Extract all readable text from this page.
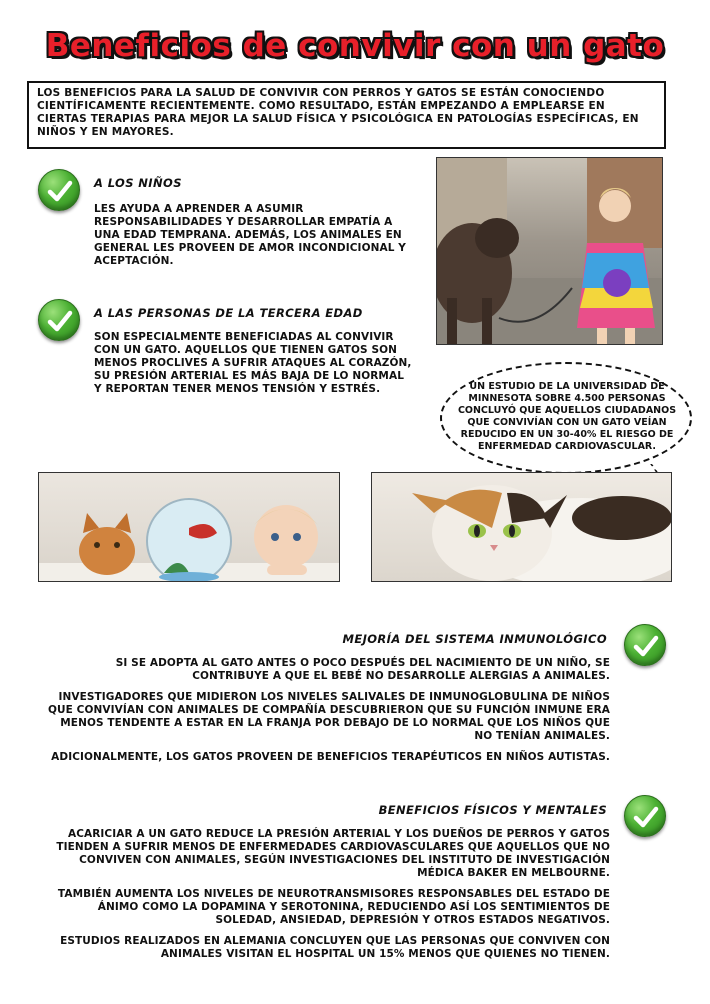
Beneficios de convivir con un gato
LOS BENEFICIOS PARA LA SALUD DE CONVIVIR CON PERROS Y GATOS SE ESTÁN CONOCIENDO CIENTÍFICAMENTE RECIENTEMENTE. COMO RESULTADO, ESTÁN EMPEZANDO A EMPLEARSE EN CIERTAS TERAPIAS PARA MEJOR LA SALUD FÍSICA Y PSICOLÓGICA EN PATOLOGÍAS ESPECÍFICAS, EN NIÑOS Y EN MAYORES.
A LOS NIÑOS
LES AYUDA A APRENDER A ASUMIR RESPONSABILIDADES Y DESARROLLAR EMPATÍA A UNA EDAD TEMPRANA. ADEMÁS, LOS ANIMALES EN GENERAL LES PROVEEN DE AMOR INCONDICIONAL Y ACEPTACIÓN.
A LAS PERSONAS DE LA TERCERA EDAD
SON ESPECIALMENTE BENEFICIADAS AL CONVIVIR CON UN GATO. AQUELLOS QUE TIENEN GATOS SON MENOS PROCLIVES A SUFRIR ATAQUES AL CORAZÓN, SU PRESIÓN ARTERIAL ES MÁS BAJA DE LO NORMAL Y REPORTAN TENER MENOS TENSIÓN Y ESTRÉS.	UN ESTUDIO DE LA UNIVERSIDAD DE MINNESOTA SOBRE 4.500 PERSONAS CONCLUYÓ QUE AQUELLOS CIUDADANOS QUE CONVIVÍAN CON UN GATO VEÍAN REDUCIDO EN UN 30-40% EL RIESGO DE ENFERMEDAD CARDIOVASCULAR.
MEJORÍA DEL SISTEMA INMUNOLÓGICO

SI SE ADOPTA AL GATO ANTES O POCO DESPUÉS DEL NACIMIENTO DE UN NIÑO, SE CONTRIBUYE A QUE EL BEBÉ NO DESARROLLE ALERGIAS A ANIMALES.

INVESTIGADORES QUE MIDIERON LOS NIVELES SALIVALES DE INMUNOGLOBULINA DE NIÑOS QUE CONVIVÍAN CON ANIMALES DE COMPAÑÍA DESCUBRIERON QUE SU FUNCIÓN INMUNE ERA MENOS TENDENTE A ESTAR EN LA FRANJA POR DEBAJO DE LO NORMAL QUE LOS NIÑOS QUE NO TENÍAN ANIMALES.

ADICIONALMENTE, LOS GATOS PROVEEN DE BENEFICIOS TERAPÉUTICOS EN NIÑOS AUTISTAS.

BENEFICIOS FÍSICOS Y MENTALES

ACARICIAR A UN GATO REDUCE LA PRESIÓN ARTERIAL Y LOS DUEÑOS DE PERROS Y GATOS TIENDEN A SUFRIR MENOS DE ENFERMEDADES CARDIOVASCULARES QUE AQUELLOS QUE NO CONVIVEN CON ANIMALES, SEGÚN INVESTIGACIONES DEL INSTITUTO DE INVESTIGACIÓN MÉDICA BAKER EN MELBOURNE.

TAMBIÉN AUMENTA LOS NIVELES DE NEUROTRANSMISORES RESPONSABLES DEL ESTADO DE ÁNIMO COMO LA DOPAMINA Y SEROTONINA, REDUCIENDO ASÍ LOS SENTIMIENTOS DE SOLEDAD, ANSIEDAD, DEPRESIÓN Y OTROS ESTADOS NEGATIVOS.

ESTUDIOS REALIZADOS EN ALEMANIA CONCLUYEN QUE LAS PERSONAS QUE CONVIVEN CON ANIMALES VISITAN EL HOSPITAL UN 15% MENOS QUE QUIENES NO TIENEN.
